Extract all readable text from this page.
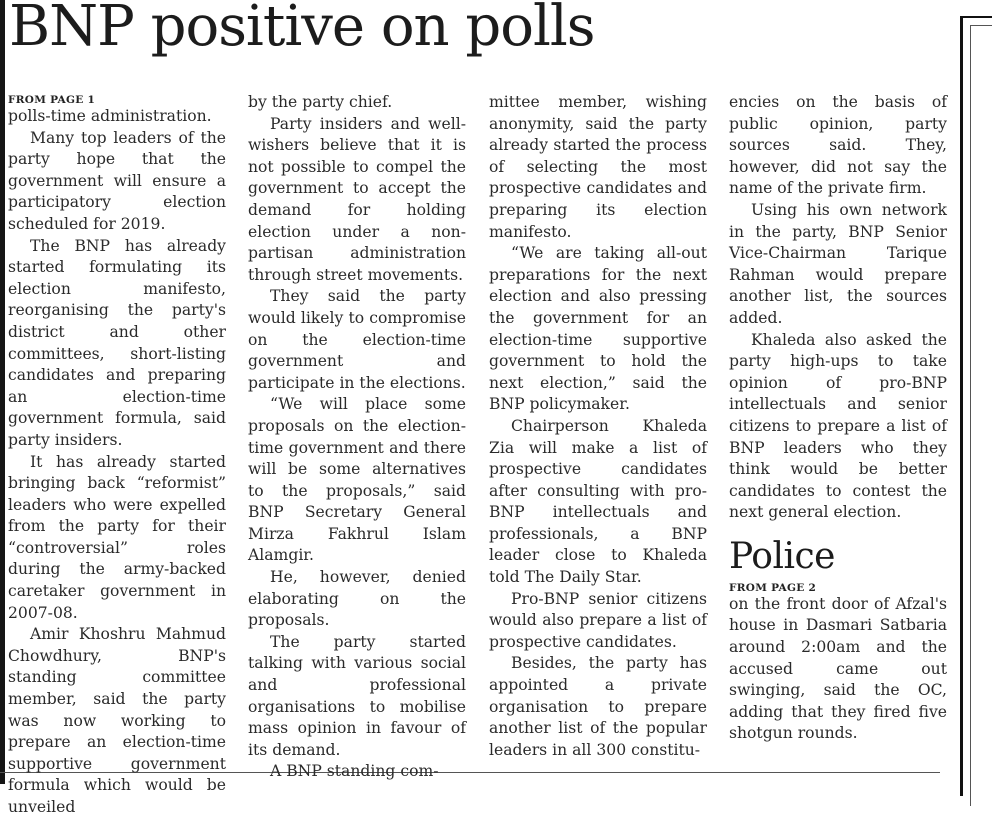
BNP positive on polls
FROM PAGE 1

polls-time administration.

Many top leaders of the party hope that the government will ensure a participatory election scheduled for 2019.

The BNP has already started formulating its election manifesto, reorganising the party's district and other committees, short-listing candidates and preparing an election-time government formula, said party insiders.

It has already started bringing back “reformist” leaders who were expelled from the party for their “controversial” roles during the army-backed caretaker government in 2007-08.

Amir Khoshru Mahmud Chowdhury, BNP's standing committee member, said the party was now working to prepare an election-time supportive government formula which would be unveiled

by the party chief.

Party insiders and well-wishers believe that it is not possible to compel the government to accept the demand for holding election under a non-partisan administration through street movements.

They said the party would likely to compromise on the election-time government and participate in the elections.

“We will place some proposals on the election-time government and there will be some alternatives to the proposals,” said BNP Secretary General Mirza Fakhrul Islam Alamgir.

He, however, denied elaborating on the proposals.

The party started talking with various social and professional organisations to mobilise mass opinion in favour of its demand.

A BNP standing com-

mittee member, wishing anonymity, said the party already started the process of selecting the most prospective candidates and preparing its election manifesto.

“We are taking all-out preparations for the next election and also pressing the government for an election-time supportive government to hold the next election,” said the BNP policymaker.

Chairperson Khaleda Zia will make a list of prospective candidates after consulting with pro-BNP intellectuals and professionals, a BNP leader close to Khaleda told The Daily Star.

Pro-BNP senior citizens would also prepare a list of prospective candidates.

Besides, the party has appointed a private organisation to prepare another list of the popular leaders in all 300 constitu-

encies on the basis of public opinion, party sources said. They, however, did not say the name of the private firm.

Using his own network in the party, BNP Senior Vice-Chairman Tarique Rahman would prepare another list, the sources added.

Khaleda also asked the party high-ups to take opinion of pro-BNP intellectuals and senior citizens to prepare a list of BNP leaders who they think would be better candidates to contest the next general election.

Police
FROM PAGE 2

on the front door of Afzal's house in Dasmari Satbaria around 2:00am and the accused came out swinging, said the OC, adding that they fired five shotgun rounds.
